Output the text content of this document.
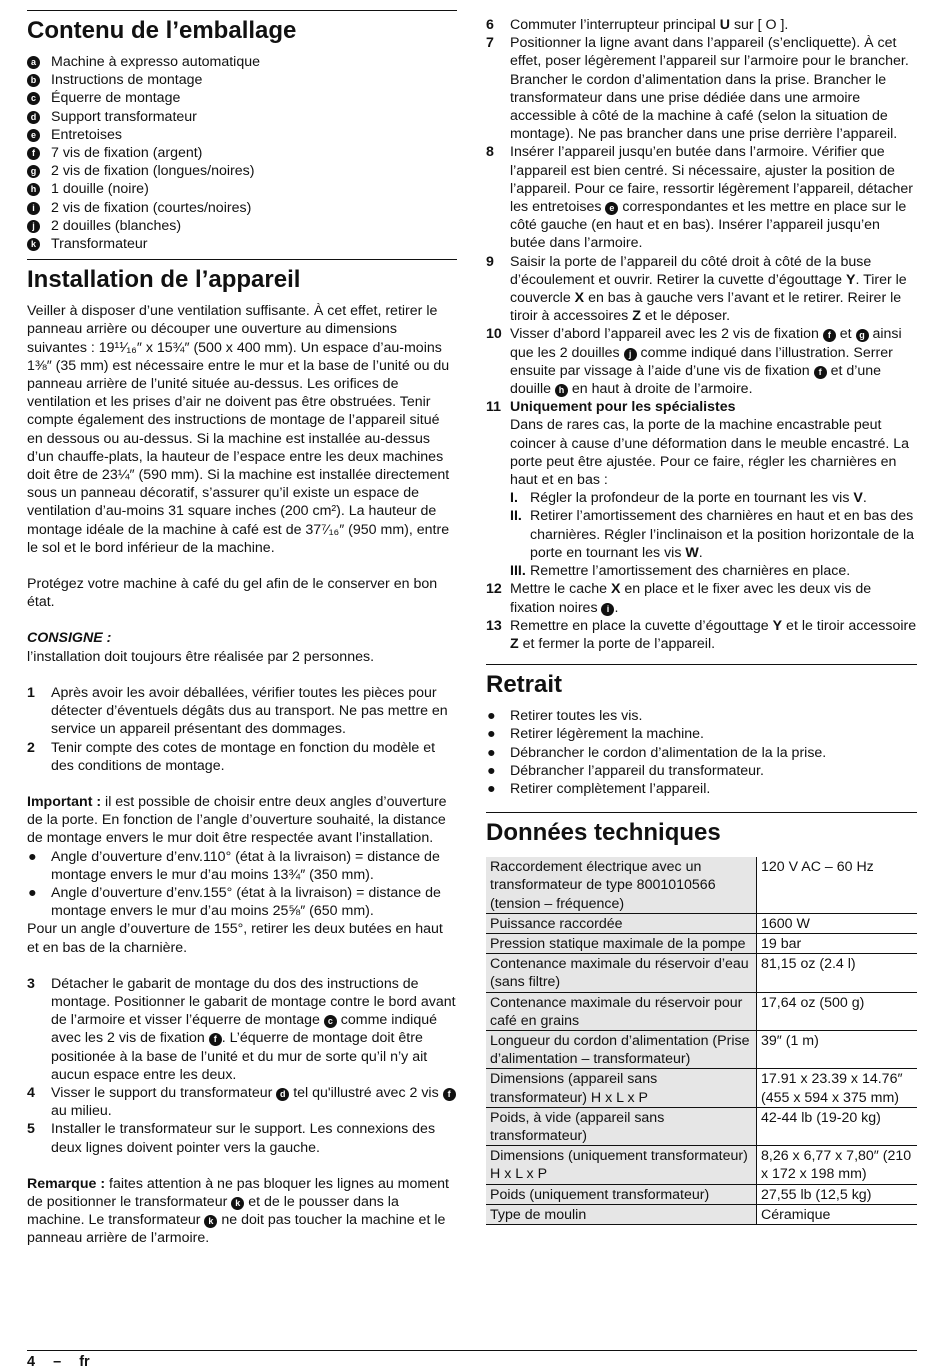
Contenu de l’emballage
a Machine à expresso automatique
b Instructions de montage
c Équerre de montage
d Support transformateur
e Entretoises
f	7 vis de fixation (argent)
g 2 vis de fixation (longues/noires)
h 1 douille (noire)
i	2 vis de fixation (courtes/noires)
j	2 douilles (blanches)
k Transformateur
Installation de l’appareil

Veiller à disposer d’une ventilation suffisante. À cet effet, retirer le panneau arrière ou découper une ouverture au dimensions suivantes : 19¹¹⁄₁₆″ x 15¾″ (500 x 400 mm). Un espace d’au-moins 1⅜″ (35 mm) est nécessaire entre le mur et la base de l’unité ou du panneau arrière de l’unité située au-dessus. Les orifices de ventilation et les prises d’air ne doivent pas être obstruées. Tenir compte également des instructions de montage de l’appareil situé en dessous ou au-dessus. Si la machine est installée au-dessus d’un chauffe-plats, la hauteur de l’espace entre les deux machines doit être de 23¼″ (590 mm). Si la machine est installée directement sous un panneau décoratif, s’assurer qu’il existe un espace de ventilation d’au-moins 31 square inches (200 cm²). La hauteur de montage idéale de la machine à café est de 37⁷⁄₁₆″ (950 mm), entre le sol et le bord inférieur de la machine.

Protégez votre machine à café du gel afin de le conserver en bon état.

CONSIGNE :

l’installation doit toujours être réalisée par 2 personnes.

1 Après avoir les avoir déballées, vérifier toutes les pièces pour détecter d’éventuels dégâts dus au transport. Ne pas mettre en service un appareil présentant des dommages.
2 Tenir compte des cotes de montage en fonction du modèle et des conditions de montage.

Important : il est possible de choisir entre deux angles d’ouverture de la porte. En fonction de l’angle d’ouverture souhaité, la distance de montage envers le mur doit être respectée avant l’installation.

● Angle d’ouverture d’env.110° (état à la livraison) = distance de montage envers le mur d’au moins 13¾″ (350 mm).
● Angle d’ouverture d’env.155° (état à la livraison) = distance de montage envers le mur d’au moins 25⅝″ (650 mm).

Pour un angle d’ouverture de 155°, retirer les deux butées en haut et en bas de la charnière.

3 Détacher le gabarit de montage du dos des instructions de montage. Positionner le gabarit de montage contre le bord avant de l’armoire et visser l’équerre de montage c comme indiqué avec les 2 vis de fixation f . L’équerre de montage doit être positionée à la base de l’unité et du mur de sorte qu’il n’y ait aucun espace entre les deux.
4 Visser le support du transformateur d tel qu'illustré avec 2 vis f au milieu.
5 Installer le transformateur sur le support. Les connexions des deux lignes doivent pointer vers la gauche.

Remarque : faites attention à ne pas bloquer les lignes au moment de positionner le transformateur k et de le pousser dans la machine. Le transformateur k ne doit pas toucher la machine et le panneau arrière de l’armoire.

6 Commuter l’interrupteur principal U sur [ O ].
7 Positionner la ligne avant dans l’appareil (s’encliquette). À cet effet, poser légèrement l’appareil sur l’armoire pour le brancher. Brancher le cordon d’alimentation dans la prise. Brancher le transformateur dans une prise dédiée dans une armoire accessible à côté de la machine à café (selon la situation de montage). Ne pas brancher dans une prise derrière l’appareil.
8 Insérer l’appareil jusqu’en butée dans l’armoire. Vérifier que l’appareil est bien centré. Si nécessaire, ajuster la position de l’appareil. Pour ce faire, ressortir légèrement l’appareil, détacher les entretoises e correspondantes et les mettre en place sur le côté gauche (en haut et en bas). Insérer l’appareil jusqu’en butée dans l’armoire.
9 Saisir la porte de l’appareil du côté droit à côté de la buse d’écoulement et ouvrir. Retirer la cuvette d’égouttage Y. Tirer le couvercle X en bas à gauche vers l’avant et le retirer. Reirer le tiroir à accessoires Z et le déposer.
10 Visser d’abord l’appareil avec les 2 vis de fixation f et g ainsi que les 2 douilles j comme indiqué dans l’illustration. Serrer ensuite par vissage à l’aide d’une vis de fixation f et d’une douille h en haut à droite de l’armoire.
11 Uniquement pour les spécialistes
Dans de rares cas, la porte de la machine encastrable peut coincer à cause d’une déformation dans le meuble encastré. La porte peut être ajustée. Pour ce faire, régler les charnières en haut et en bas :
I. Régler la profondeur de la porte en tournant les vis V.
II. Retirer l’amortissement des charnières en haut et en bas des charnières. Régler l’inclinaison et la position horizontale de la porte en tournant les vis W.
III. Remettre l’amortissement des charnières en place.
12 Mettre le cache X en place et le fixer avec les deux vis de fixation noires i .
13 Remettre en place la cuvette d’égouttage Y et le tiroir accessoire Z et fermer la porte de l’appareil.
Retrait
● Retirer toutes les vis.
● Retirer légèrement la machine.
● Débrancher le cordon d’alimentation de la la prise.
● Débrancher l’appareil du transformateur.
● Retirer complètement l’appareil.
Données techniques
Raccordement électrique avec un transformateur de type 8001010566 (tension – fréquence)	120 V AC – 60 Hz
Puissance raccordée	1600 W
Pression statique maximale de la pompe	19 bar
Contenance maximale du réservoir d’eau (sans filtre)	81,15 oz (2.4 l)
Contenance maximale du réservoir pour café en grains	17,64 oz (500 g)
Longueur du cordon d’alimentation (Prise d’alimentation – transformateur)	39″ (1 m)
Dimensions (appareil sans transformateur) H x L x P	17.91 x 23.39 x 14.76″ (455 x 594 x 375 mm)
Poids, à vide (appareil sans transformateur)	42-44 lb (19-20 kg)
Dimensions (uniquement transformateur) H x L x P	8,26 x 6,77 x 7,80″ (210 x 172 x 198 mm)
Poids (uniquement transformateur)	27,55 lb (12,5 kg)
Type de moulin	Céramique
4 – fr
